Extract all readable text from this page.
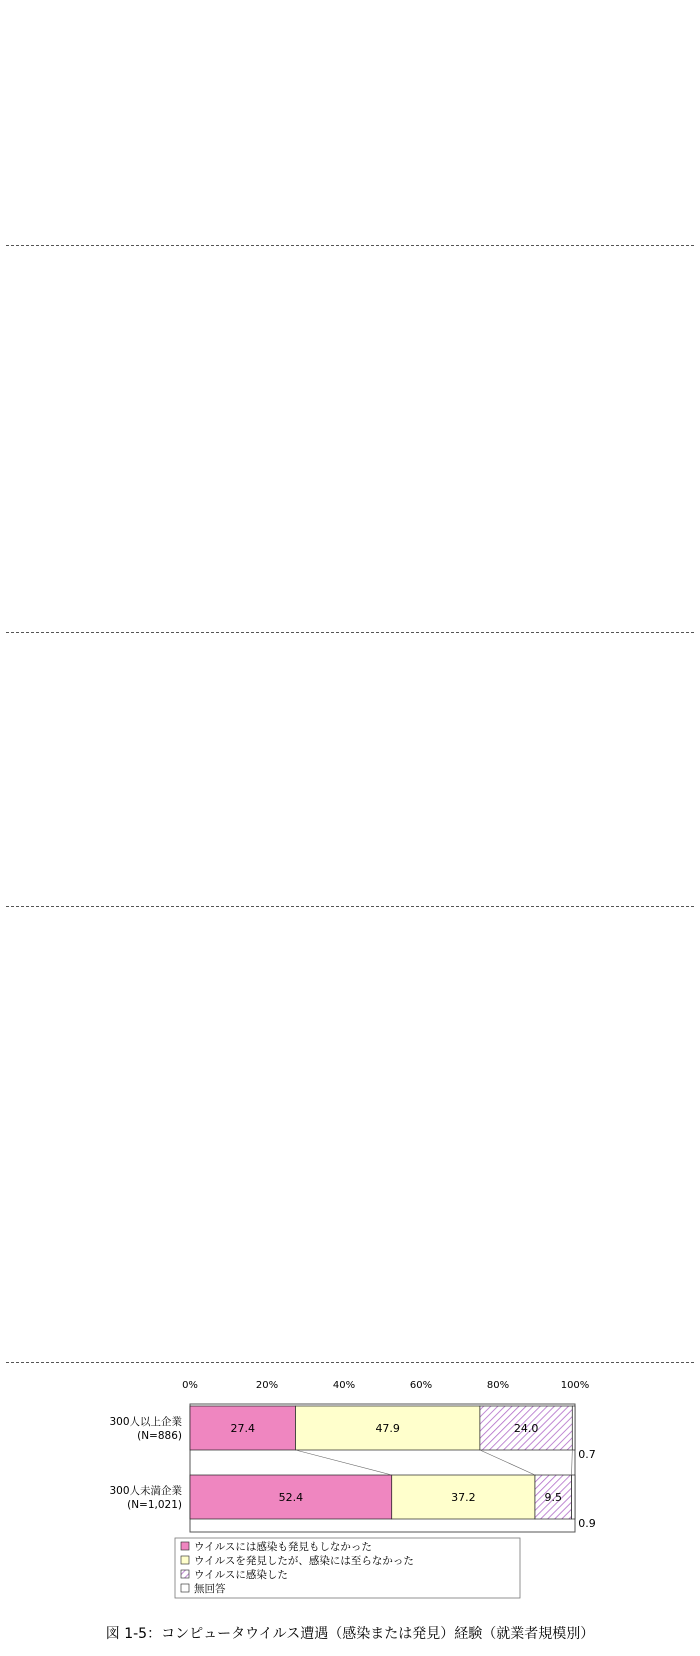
0%	20%	40%	60%	80%	100%
300人以上企業
(N=886)
300人未満企業
(N=1,021)
27.4	47.9	24.0
0.7
52.4	37.2	9.5
0.9
ウイルスには感染も発見もしなかった
ウイルスを発見したが、感染には至らなかった
ウイルスに感染した
無回答
図 1-5：コンピュータウイルス遭遇（感染または発見）経験（就業者規模別）
